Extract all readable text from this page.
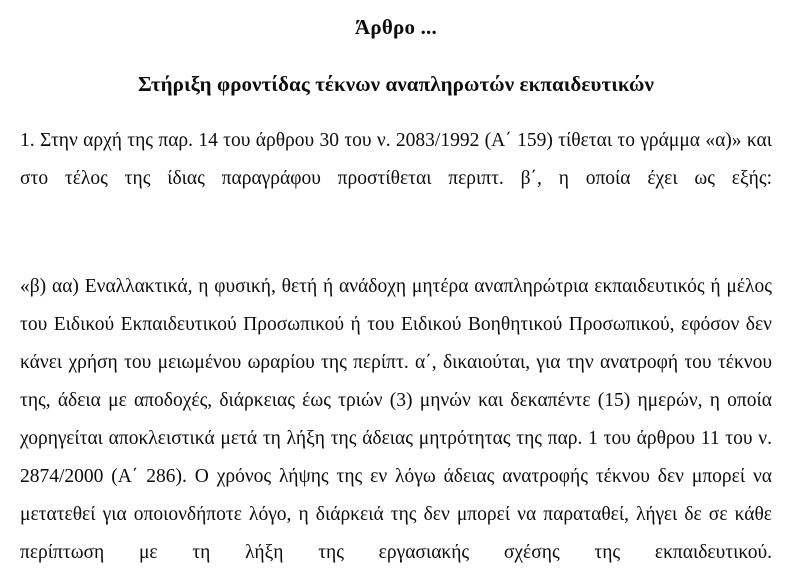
Άρθρο ...
Στήριξη φροντίδας τέκνων αναπληρωτών εκπαιδευτικών

1. Στην αρχή της παρ. 14 του άρθρου 30 του ν. 2083/1992 (Α΄ 159) τίθεται το γράμμα «α)» και στο τέλος της ίδιας παραγράφου προστίθεται περιπτ. β΄, η οποία έχει ως εξής:

«β) αα) Εναλλακτικά, η φυσική, θετή ή ανάδοχη μητέρα αναπληρώτρια εκπαιδευτικός ή μέλος του Ειδικού Εκπαιδευτικού Προσωπικού ή του Ειδικού Βοηθητικού Προσωπικού, εφόσον δεν κάνει χρήση του μειωμένου ωραρίου της περίπτ. α΄, δικαιούται, για την ανατροφή του τέκνου της, άδεια με αποδοχές, διάρκειας έως τριών (3) μηνών και δεκαπέντε (15) ημερών, η οποία χορηγείται αποκλειστικά μετά τη λήξη της άδειας μητρότητας της παρ. 1 του άρθρου 11 του ν. 2874/2000 (Α΄ 286). Ο χρόνος λήψης της εν λόγω άδειας ανατροφής τέκνου δεν μπορεί να μετατεθεί για οποιονδήποτε λόγο, η διάρκειά της δεν μπορεί να παραταθεί, λήγει δε σε κάθε περίπτωση με τη λήξη της εργασιακής σχέσης της εκπαιδευτικού.
